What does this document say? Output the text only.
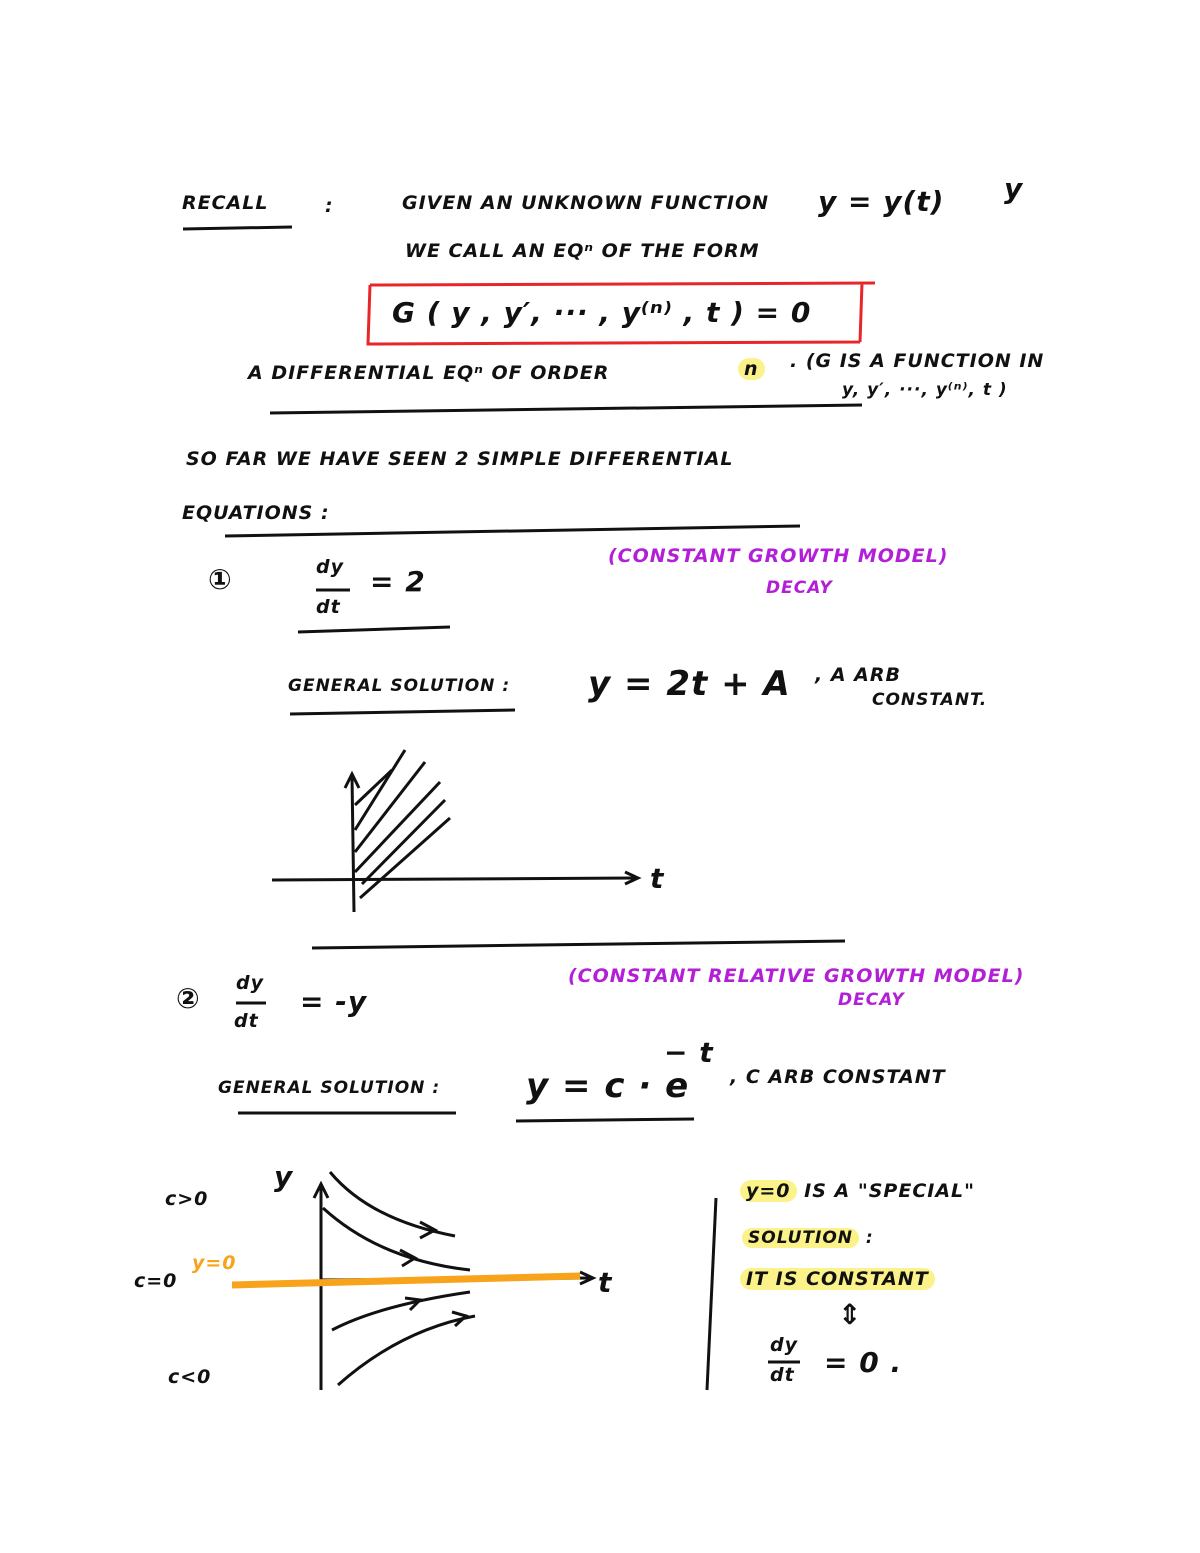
y
RECALL	:	GIVEN AN UNKNOWN FUNCTION y = y(t)
WE CALL AN EQⁿ OF THE FORM
G ( y , y′, ··· , y⁽ⁿ⁾ , t ) = 0
A DIFFERENTIAL EQⁿ OF ORDER	n	. (G IS A FUNCTION IN
y, y′, ···, y⁽ⁿ⁾, t )
SO FAR WE HAVE SEEN 2 SIMPLE DIFFERENTIAL
EQUATIONS :
①	dy
dt
= 2
(CONSTANT GROWTH MODEL)
DECAY
GENERAL SOLUTION : y = 2t + A , A ARB
CONSTANT.
t
② dy
dt
= -y
(CONSTANT RELATIVE GROWTH MODEL)
DECAY
GENERAL SOLUTION :	y = c · e
− t
, C ARB CONSTANT
y
t
c>0
c=0
y=0
c<0
y=0 IS A "SPECIAL"
SOLUTION :
IT IS CONSTANT
⇕
dy
dt = 0 .
